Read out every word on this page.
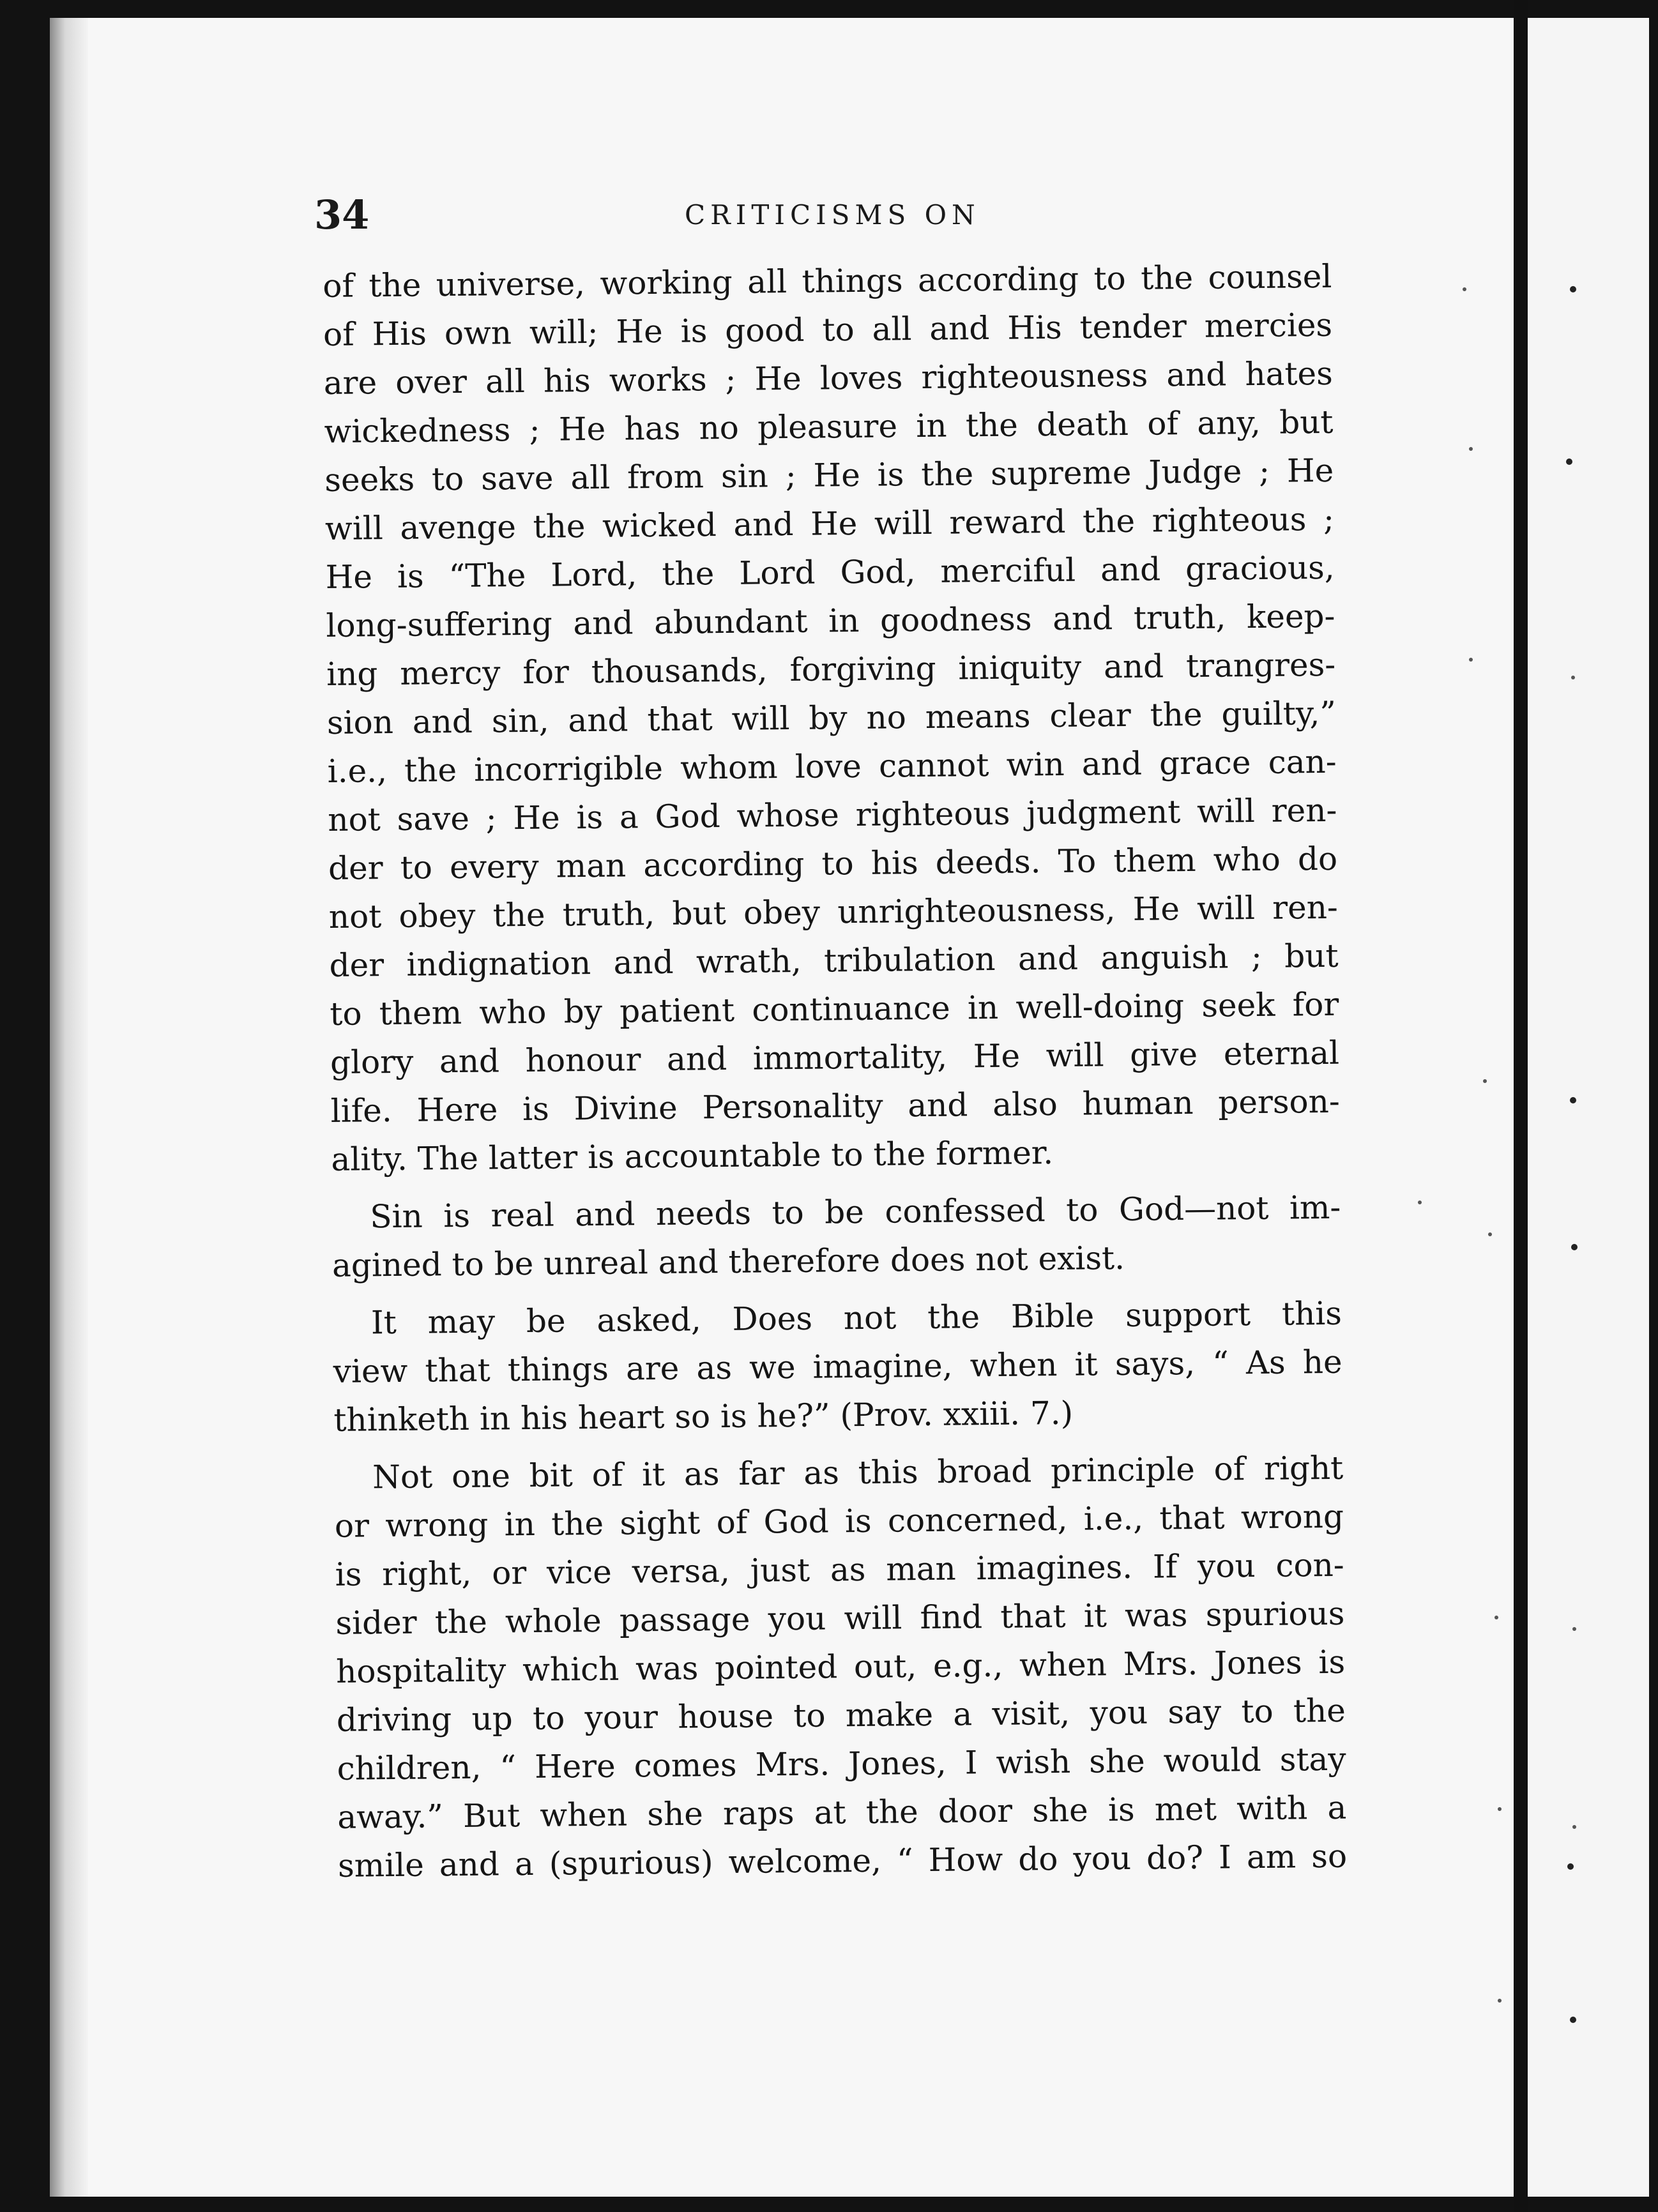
34	CRITICISMS ON
of the universe, working all things according to the counsel
of His own will; He is good to all and His tender mercies
are over all his works ; He loves righteousness and hates
wickedness ; He has no pleasure in the death of any, but
seeks to save all from sin ; He is the supreme Judge ; He
will avenge the wicked and He will reward the righteous ;
He is “The Lord, the Lord God, merciful and gracious,
long-suffering and abundant in goodness and truth, keep-
ing mercy for thousands, forgiving iniquity and trangres-
sion and sin, and that will by no means clear the guilty,”
i.e., the incorrigible whom love cannot win and grace can-
not save ; He is a God whose righteous judgment will ren-
der to every man according to his deeds. To them who do
not obey the truth, but obey unrighteousness, He will ren-
der indignation and wrath, tribulation and anguish ; but
to them who by patient continuance in well-doing seek for
glory and honour and immortality, He will give eternal
life. Here is Divine Personality and also human person-
ality. The latter is accountable to the former.
Sin is real and needs to be confessed to God—not im-
agined to be unreal and therefore does not exist.
It may be asked, Does not the Bible support this
view that things are as we imagine, when it says, “ As he
thinketh in his heart so is he?” (Prov. xxiii. 7.)
Not one bit of it as far as this broad principle of right
or wrong in the sight of God is concerned, i.e., that wrong
is right, or vice versa, just as man imagines. If you con-
sider the whole passage you will find that it was spurious
hospitality which was pointed out, e.g., when Mrs. Jones is
driving up to your house to make a visit, you say to the
children, “ Here comes Mrs. Jones, I wish she would stay
away.” But when she raps at the door she is met with a
smile and a (spurious) welcome, “ How do you do? I am so
